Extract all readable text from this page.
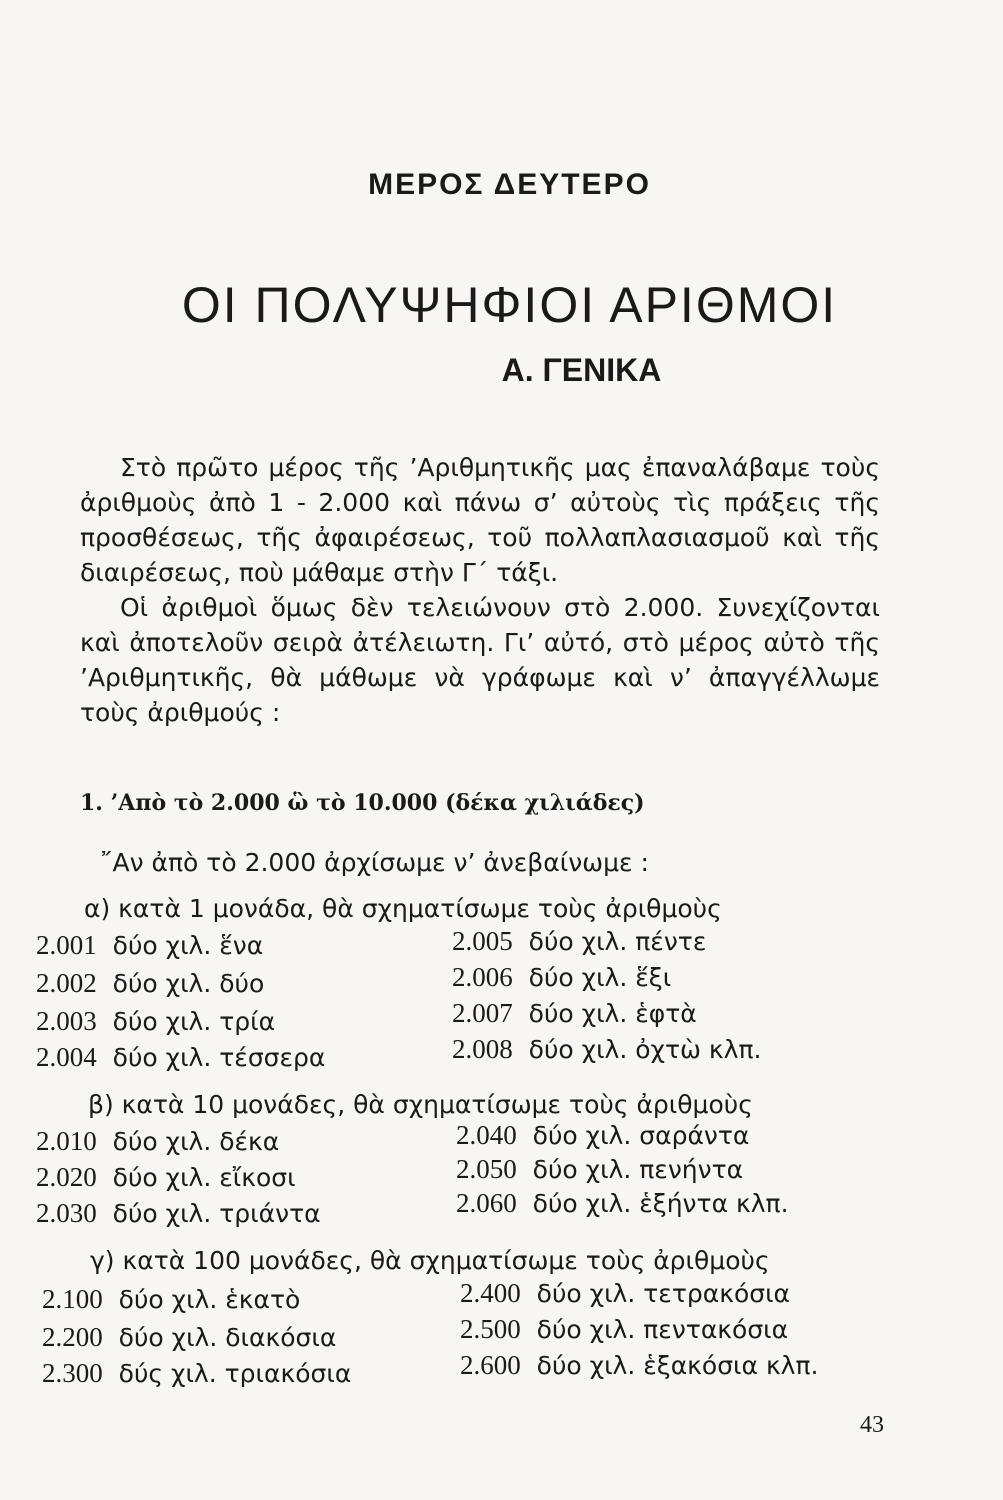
ΜΕΡΟΣ ΔΕΥΤΕΡΟ
ΟΙ ΠΟΛΥΨΗΦΙΟΙ ΑΡΙΘΜΟΙ
Α. ΓΕΝΙΚΑ

Στὸ πρῶτο μέρος τῆς ’Αριθμητικῆς μας ἐπαναλάβαμε τοὺς ἀριθμοὺς ἀπὸ 1 - 2.000 καὶ πάνω σ’ αὐτοὺς τὶς πράξεις τῆς προσθέσεως, τῆς ἀφαιρέσεως, τοῦ πολλαπλασιασμοῦ καὶ τῆς διαιρέσεως, ποὺ μάθαμε στὴν Γ΄ τάξι.

Οἱ ἀριθμοὶ ὅμως δὲν τελειώνουν στὸ 2.000. Συνεχίζονται καὶ ἀποτελοῦν σειρὰ ἀτέλειωτη. Γι’ αὐτό, στὸ μέρος αὐτὸ τῆς ’Αριθμητικῆς, θὰ μάθωμε νὰ γράφωμε καὶ ν’ ἀπαγγέλλωμε τοὺς ἀριθμούς :

1. ’Απὸ τὸ 2.000 ὣ τὸ 10.000 (δέκα χιλιάδες)
῎Αν ἀπὸ τὸ 2.000 ἀρχίσωμε ν’ ἀνεβαίνωμε :
α) κατὰ 1 μονάδα, θὰ σχηματίσωμε τοὺς ἀριθμοὺς
2.001 δύο χιλ. ἕνα
2.002 δύο χιλ. δύο
2.003 δύο χιλ. τρία
2.004 δύο χιλ. τέσσερα
2.005 δύο χιλ. πέντε
2.006 δύο χιλ. ἕξι
2.007 δύο χιλ. ἑφτὰ
2.008 δύο χιλ. ὀχτὼ κλπ.
β) κατὰ 10 μονάδες, θὰ σχηματίσωμε τοὺς ἀριθμοὺς
2.010 δύο χιλ. δέκα
2.020 δύο χιλ. εἴκοσι
2.030 δύο χιλ. τριάντα
2.040 δύο χιλ. σαράντα
2.050 δύο χιλ. πενήντα
2.060 δύο χιλ. ἑξήντα κλπ.
γ) κατὰ 100 μονάδες, θὰ σχηματίσωμε τοὺς ἀριθμοὺς
2.100 δύο χιλ. ἑκατὸ
2.200 δύο χιλ. διακόσια
2.300 δύς χιλ. τριακόσια
2.400 δύο χιλ. τετρακόσια
2.500 δύο χιλ. πεντακόσια
2.600 δύο χιλ. ἑξακόσια κλπ.
43
